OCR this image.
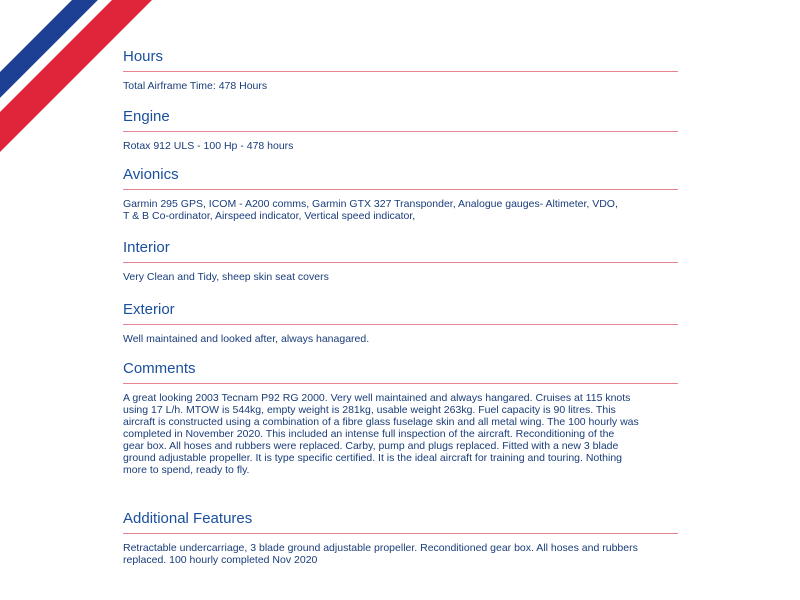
Hours
Total Airframe Time: 478 Hours
Engine
Rotax 912 ULS - 100 Hp - 478 hours
Avionics
Garmin 295 GPS, ICOM - A200 comms, Garmin GTX 327 Transponder, Analogue gauges- Altimeter, VDO,
T & B Co-ordinator, Airspeed indicator, Vertical speed indicator,
Interior
Very Clean and Tidy, sheep skin seat covers
Exterior
Well maintained and looked after, always hanagared.
Comments
A great looking 2003 Tecnam P92 RG 2000. Very well maintained and always hangared. Cruises at 115 knots
using 17 L/h. MTOW is 544kg, empty weight is 281kg, usable weight 263kg. Fuel capacity is 90 litres. This
aircraft is constructed using a combination of a fibre glass fuselage skin and all metal wing. The 100 hourly was
completed in November 2020. This included an intense full inspection of the aircraft. Reconditioning of the
gear box. All hoses and rubbers were replaced. Carby, pump and plugs replaced. Fitted with a new 3 blade
ground adjustable propeller. It is type specific certified. It is the ideal aircraft for training and touring. Nothing
more to spend, ready to fly.
Additional Features
Retractable undercarriage, 3 blade ground adjustable propeller. Reconditioned gear box. All hoses and rubbers
replaced. 100 hourly completed Nov 2020
